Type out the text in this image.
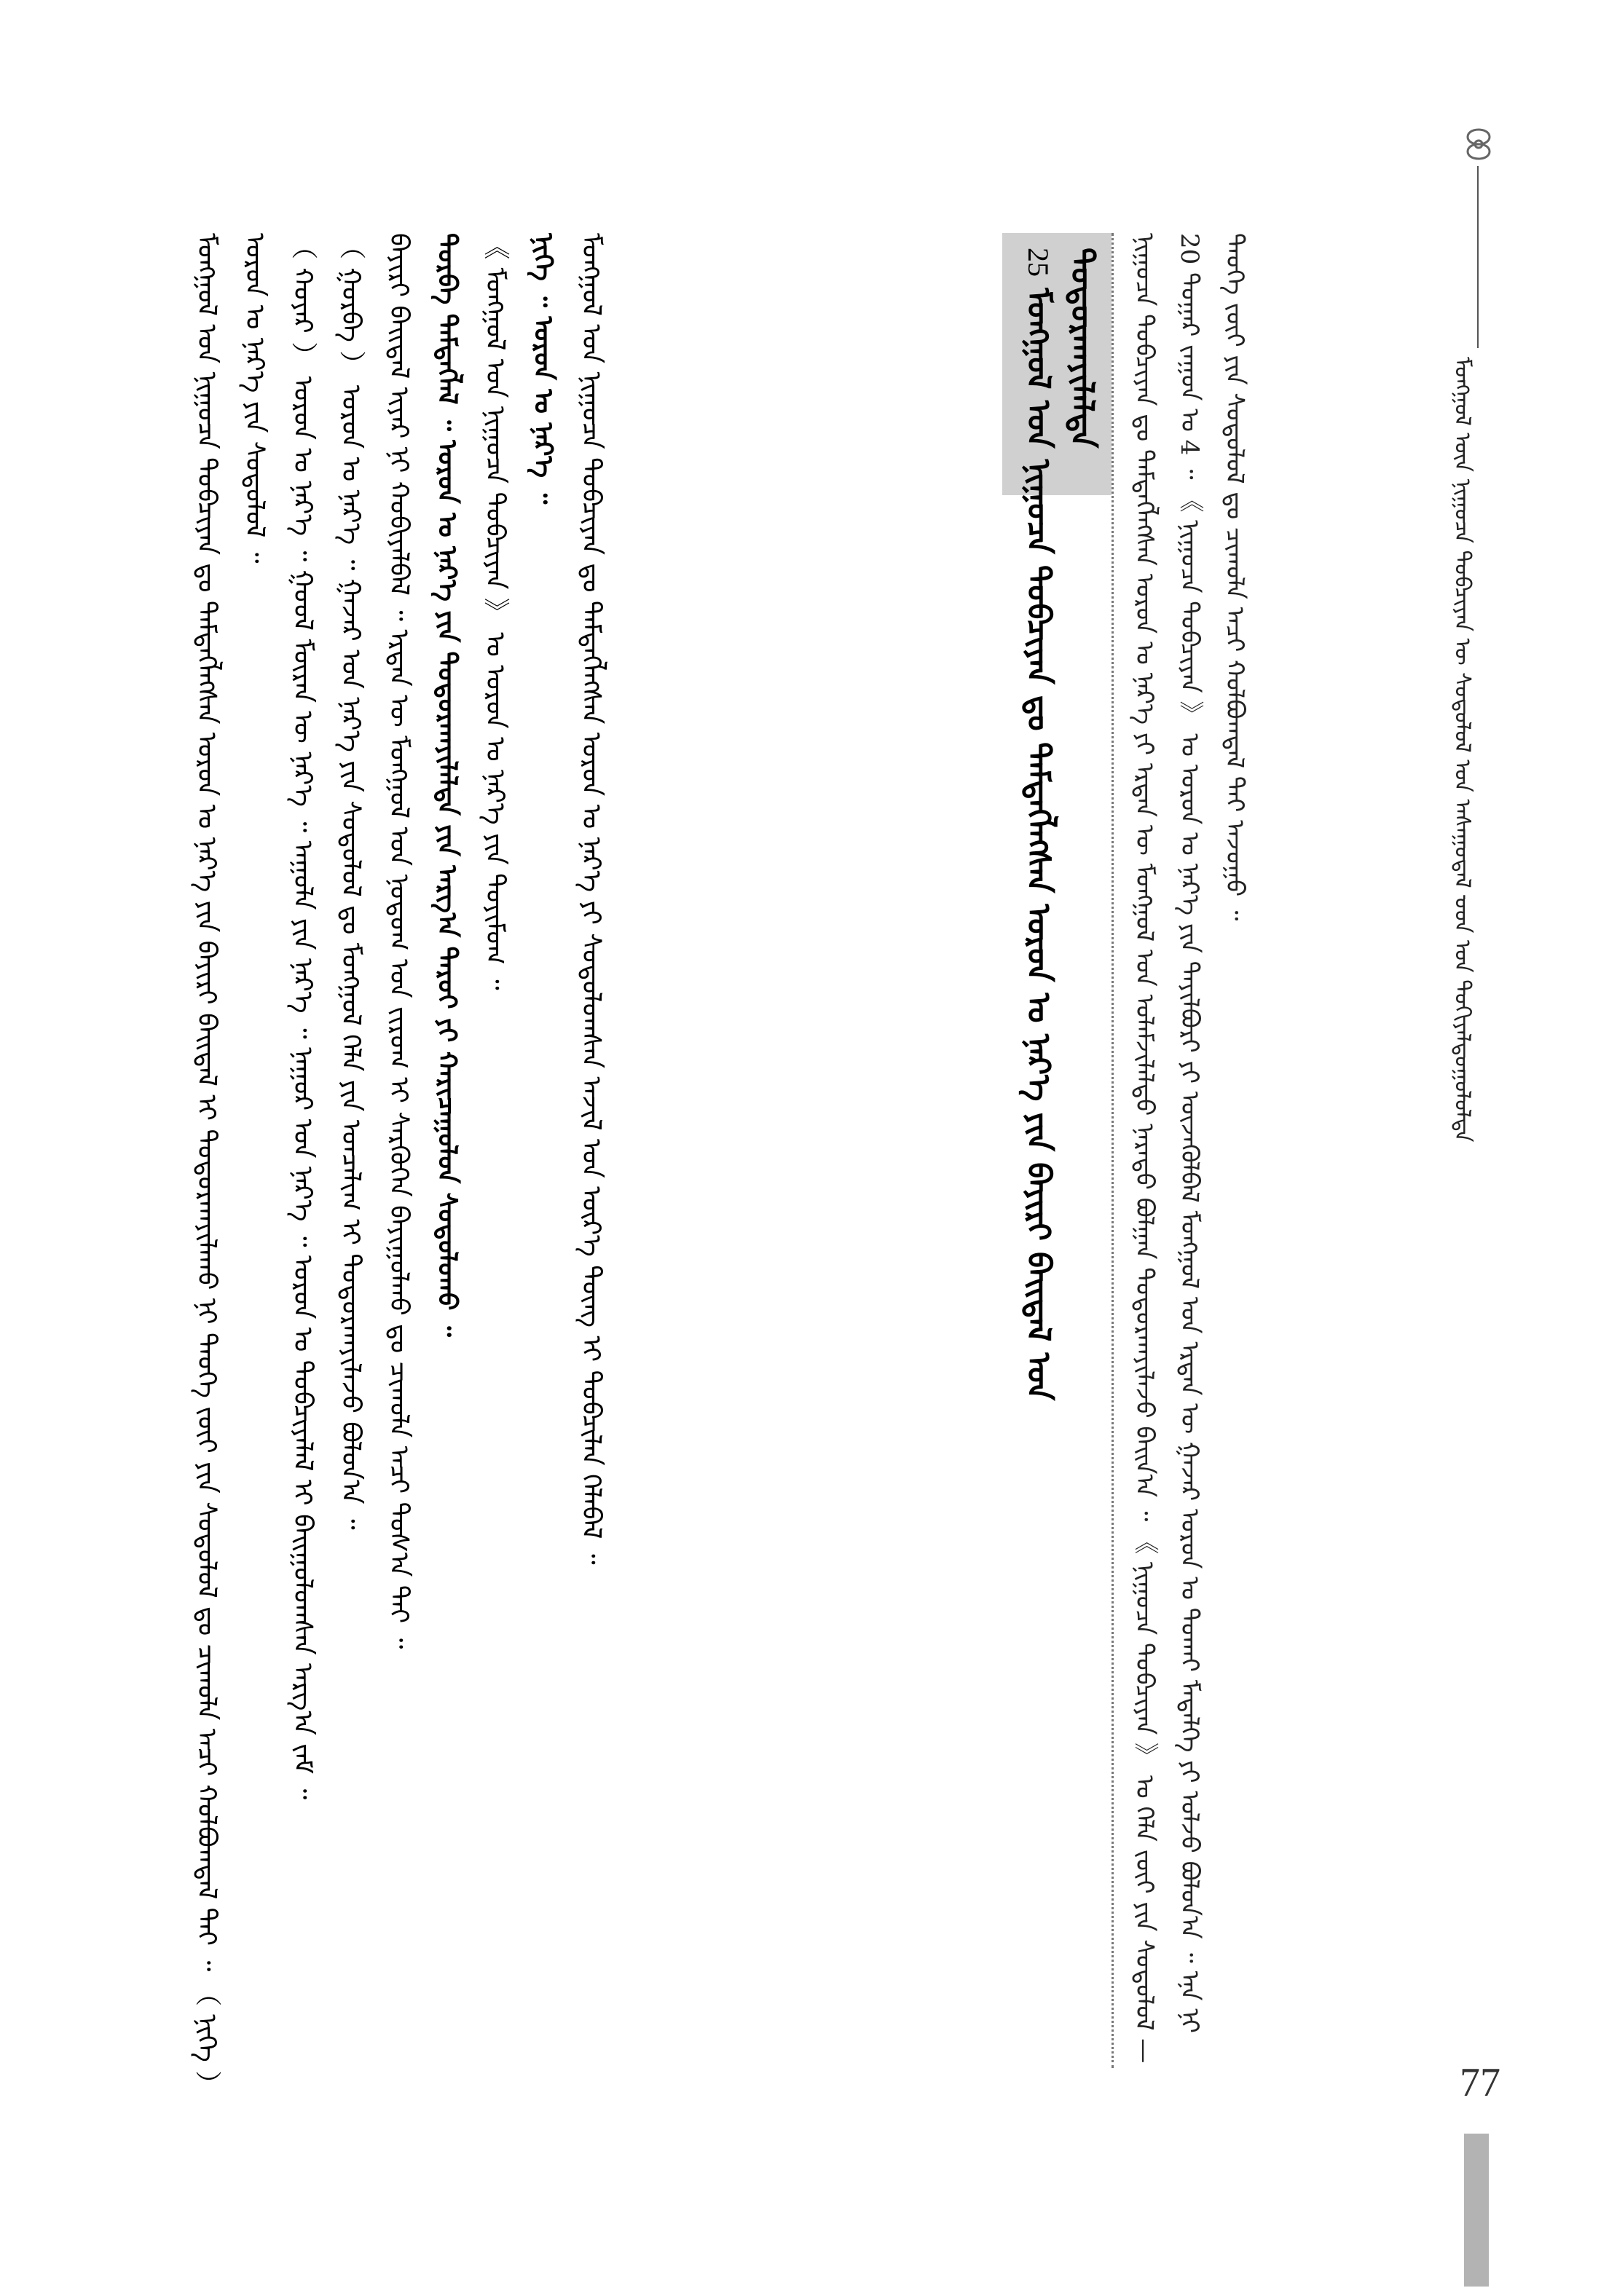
ᠮᠣᠩᠭᠣᠯ ᠦᠨ ᠨᠢᠭᠤᠴᠠ ᠲᠣᠪᠴᠢᠶᠠᠨ ᠦ ᠰᠤᠳᠤᠯᠤᠯ ᠤᠨ ᠠᠰᠠᠭᠤᠳᠠᠯ ᠊ᠤᠳ ᠤᠨ ᠲᠣᠬᠢᠶᠠᠯᠳᠤᠭᠤᠯᠤᠯᠲᠠ
ᠨᠢᠭᠤᠴᠠ ᠲᠣᠪᠴᠢᠶᠠᠨ ᠳᠤ ᠲᠡᠮᠳᠡᠭᠯᠡᠭᠰᠡᠨ ᠣᠷᠣᠨ ᠤ ᠨᠡᠷ᠎ᠡ ᠶᠢ ᠡᠷᠲᠡᠨ ᠦ ᠮᠣᠩᠭᠣᠯ ᠤᠨ ᠤᠯᠠᠮᠵᠢᠯᠠᠯᠲᠤ ᠨᠡᠷᠡᠲᠦ ᠪᠣᠯᠭᠠᠨ ᠲᠣᠳᠣᠷᠬᠠᠶᠢᠯᠠᠵᠤ ᠪᠠᠢᠨ᠎ᠠ ᠃ 《 ᠨᠢᠭᠤᠴᠠ ᠲᠣᠪᠴᠢᠶᠠᠨ 》 ᠤ ᠬᠡᠯᠡ ᠵᠦᠢ ᠶᠢᠨ ᠰᠤᠳᠤᠯᠤᠯ — 20 ᠳᠤᠭᠠᠷ ᠵᠠᠭᠤᠨ ᠤ 4 ᠃ 《 ᠨᠢᠭᠤᠴᠠ ᠲᠣᠪᠴᠢᠶᠠᠨ 》 ᠤ ᠣᠷᠣᠨ ᠤ ᠨᠡᠷ᠎ᠡ ᠶᠢᠨ ᠲᠠᠶᠢᠯᠪᠤᠷᠢ ᠶᠢ ᠦᠵᠡᠭᠦᠯᠪᠡᠯ ᠮᠣᠩᠭᠣᠯ ᠤᠨ ᠡᠷᠲᠡᠨ ᠦ ᠭᠠᠵᠠᠷ ᠣᠷᠣᠨ ᠤ ᠲᠤᠬᠠᠢ ᠮᠡᠳᠡᠯᠭᠡ ᠶᠢ ᠣᠯᠵᠤ ᠪᠣᠯᠣᠨ᠎ᠠ ᠃ ᠡᠨᠡ ᠨᠢ ᠲᠡᠦᠬᠡ ᠵᠦᠢ ᠶᠢᠨ ᠰᠤᠳᠤᠯᠤᠯ ᠳᠤ ᠴᠢᠬᠤᠯᠠ ᠠᠴᠢ ᠬᠣᠯᠪᠤᠭᠳᠠᠯ ᠲᠠᠢ ᠠᠵᠤᠭᠤ ᠃
25 ᠮᠣᠩᠭᠣᠯ ᠤᠨ ᠨᠢᠭᠤᠴᠠ ᠲᠣᠪᠴᠢᠶᠠᠨ ᠳᠤ ᠲᠡᠮᠳᠡᠭᠯᠡᠭᠰᠡᠨ ᠣᠷᠣᠨ ᠤ ᠨᠡᠷ᠎ᠡ ᠶᠢᠨ ᠪᠠᠶᠢᠷᠢ ᠪᠠᠢᠳᠠᠯ ᠤᠨ ᠲᠣᠳᠤᠷᠬᠠᠶᠢᠯᠠᠯᠲᠠ

ᠮᠣᠩᠭᠣᠯ ᠤᠨ ᠨᠢᠭᠤᠴᠠ ᠲᠣᠪᠴᠢᠶᠠᠨ ᠳᠤ ᠲᠡᠮᠳᠡᠭᠯᠡᠭᠰᠡᠨ ᠣᠷᠣᠨ ᠤ ᠨᠡᠷ᠎ᠡ ᠶᠢᠨ ᠪᠠᠶᠢᠷᠢ ᠪᠠᠢᠳᠠᠯ ᠢ ᠲᠣᠳᠤᠷᠬᠠᠶᠢᠯᠠᠬᠤ ᠨᠢ ᠲᠡᠦᠬᠡ ᠵᠦᠢ ᠶᠢᠨ ᠰᠤᠳᠤᠯᠤᠯ ᠳᠤ ᠴᠢᠬᠤᠯᠠ ᠠᠴᠢ ᠬᠣᠯᠪᠤᠭᠳᠠᠯ ᠲᠠᠢ ᠃ （ ᠨᠢᠭᠡ ） ᠣᠷᠣᠨ ᠤ ᠨᠡᠷ᠎ᠡ ᠶᠢᠨ ᠰᠤᠳᠤᠯᠤᠯ ᠃ （ ᠬᠣᠶᠠᠷ ） ᠣᠷᠣᠨ ᠤ ᠨᠡᠷ᠎ᠡ ᠃ ᠭᠣᠣᠯ ᠮᠥᠷᠡᠨ ᠦ ᠨᠡᠷ᠎ᠡ ᠃ ᠠᠭᠤᠯᠠ ᠶᠢᠨ ᠨᠡᠷ᠎ᠡ ᠃ ᠨᠠᠭᠤᠷ ᠤᠨ ᠨᠡᠷ᠎ᠡ ᠃ ᠣᠷᠣᠨ ᠤ ᠲᠣᠪᠴᠢᠶᠠᠯᠠᠯ ᠢ ᠪᠠᠢᠭᠤᠯᠤᠭᠰᠠᠨ ᠠᠷᠭ᠎ᠠ ᠵᠠᠮ ᠃ （ ᠭᠤᠷᠪᠠ ） ᠣᠷᠣᠨ ᠤ ᠨᠡᠷ᠎ᠡ ᠃ ᠭᠠᠵᠠᠷ ᠤᠨ ᠨᠡᠷ᠎ᠡ ᠶᠢᠨ ᠰᠤᠳᠤᠯᠤᠯ ᠳᠤ ᠮᠣᠩᠭᠣᠯ ᠬᠡᠯᠡ ᠶᠢᠨ ᠣᠨᠴᠠᠯᠢᠭ ᠢ ᠲᠣᠳᠣᠷᠬᠠᠶᠢᠯᠠᠵᠤ ᠪᠣᠯᠣᠨ᠎ᠠ ᠃ ᠪᠠᠶᠢᠷᠢ ᠪᠠᠢᠳᠠᠯ ᠢᠶᠠᠷ ᠨᠢ ᠬᠤᠪᠢᠶᠠᠯᠪᠠᠯ ᠃ ᠡᠷᠲᠡᠨ ᠦ ᠮᠣᠩᠭᠣᠯ ᠤᠨ ᠨᠤᠲᠤᠭ ᠤᠨ ᠵᠢᠷᠤᠭ ᠢ ᠰᠡᠷᠭᠦᠭᠡᠨ ᠪᠠᠶᠢᠭᠤᠯᠬᠤ ᠳᠤ ᠴᠢᠬᠤᠯᠠ ᠠᠴᠢ ᠲᠤᠰ᠎ᠠ ᠲᠠᠢ ᠃ ᠳᠤᠷᠪᠡ ᠲᠡᠮᠳᠡᠭᠯᠡᠯ ᠃ ᠣᠷᠣᠨ ᠤ ᠨᠡᠷ᠎ᠡ ᠶᠢᠨ ᠲᠣᠳᠤᠷᠬᠠᠶᠢᠯᠠᠯᠲᠠ ᠶᠢᠨ ᠠᠷᠭ᠎ᠠ ᠳᠠᠷᠤᠢ ᠶᠢ ᠬᠠᠷᠢᠴᠠᠭᠤᠯᠤᠨ ᠰᠤᠳᠤᠯᠤᠬᠤ ᠃ 《 ᠮᠣᠩᠭᠣᠯ ᠤᠨ ᠨᠢᠭᠤᠴᠠ ᠲᠣᠪᠴᠢᠶᠠᠨ 》 ᠤ ᠣᠷᠣᠨ ᠤ ᠨᠡᠷ᠎ᠡ ᠶᠢᠨ ᠲᠣᠶᠢᠮᠤᠭ ᠃ ᠨᠢᠭᠡ ᠃ ᠣᠷᠣᠨ ᠤ ᠨᠡᠷ᠎ᠡ ᠃ ᠮᠣᠩᠭᠣᠯ ᠤᠨ ᠨᠢᠭᠤᠴᠠ ᠲᠣᠪᠴᠢᠶᠠᠨ ᠳᠤ ᠲᠡᠮᠳᠡᠭᠯᠡᠭᠰᠡᠨ ᠣᠷᠣᠨ ᠤ ᠨᠡᠷ᠎ᠡ ᠶᠢ ᠰᠤᠳᠤᠯᠤᠭᠰᠠᠨ ᠠᠵᠢᠯ ᠤᠨ ᠦᠷ᠎ᠡ ᠳᠦᠩ ᠢ ᠲᠣᠪᠴᠢᠯᠠᠨ ᠬᠡᠯᠡᠪᠡᠯ ᠃

77
